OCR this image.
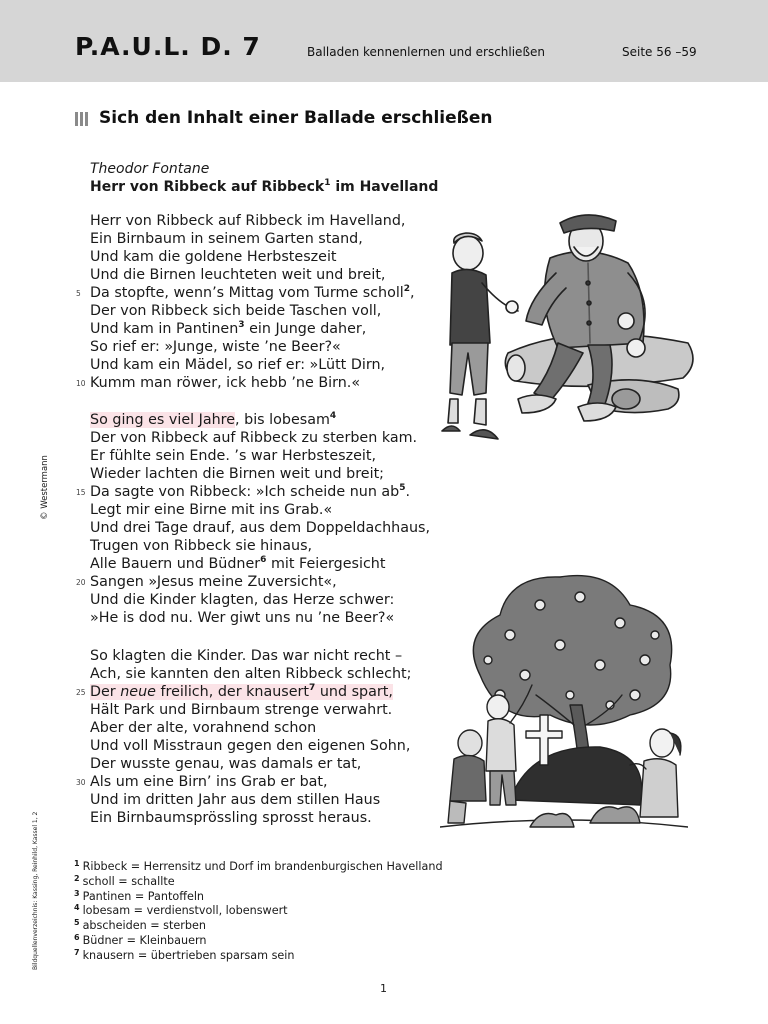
P.A.U.L. D. 7	Balladen kennenlernen und erschließen	Seite 56 –59
Sich den Inhalt einer Ballade erschließen
Theodor Fontane
Herr von Ribbeck auf Ribbeck$^1$ im Havelland
Herr von Ribbeck auf Ribbeck im Havelland,
Ein Birnbaum in seinem Garten stand,
Und kam die goldene Herbsteszeit
Und die Birnen leuchteten weit und breit,
5 Da stopfte, wenn’s Mittag vom Turme scholl$^2$,
Der von Ribbeck sich beide Taschen voll,
Und kam in Pantinen$^3$ ein Junge daher,
So rief er: »Junge, wiste ’ne Beer?«
Und kam ein Mädel, so rief er: »Lütt Dirn,
10 Kumm man röwer, ick hebb ’ne Birn.«
So ging es viel Jahre, bis lobesam$^4$
Der von Ribbeck auf Ribbeck zu sterben kam.
Er fühlte sein Ende. ’s war Herbsteszeit,
Wieder lachten die Birnen weit und breit;
15 Da sagte von Ribbeck: »Ich scheide nun $ab^5$.
Legt mir eine Birne mit ins Grab.«
Und drei Tage drauf, aus dem Doppeldachhaus,
Trugen von Ribbeck sie hinaus,
Alle Bauern und Büdner$^6$ mit Feiergesicht
20 Sangen »Jesus meine Zuversicht«,
Und die Kinder klagten, das Herze schwer:
»He is dod nu. Wer giwt uns nu ’ne Beer?«
So klagten die Kinder. Das war nicht recht –
Ach, sie kannten den alten Ribbeck schlecht;
25 Der neue freilich, der knausert$^7$ und spart,
Hält Park und Birnbaum strenge verwahrt.
Aber der alte, vorahnend schon
Und voll Misstraun gegen den eigenen Sohn,
Der wusste genau, was damals er tat,
30 Als um eine Birn’ ins Grab er bat,
Und im dritten Jahr aus dem stillen Haus
Ein Birnbaumsprössling sprosst heraus.
$^1$ Ribbeck = Herrensitz und Dorf im brandenburgischen Havelland
$^2$ scholl = schallte
$^3$ Pantinen = Pantoffeln
$^4$ lobesam = verdienstvoll, lobenswert
$^5$ abscheiden = sterben
$^6$ Büdner = Kleinbauern
$^7$ knausern = übertrieben sparsam sein
© Westermann
Bildquellenverzeichnis: Kassing, Reinhild, Kassel 1, 2
1
